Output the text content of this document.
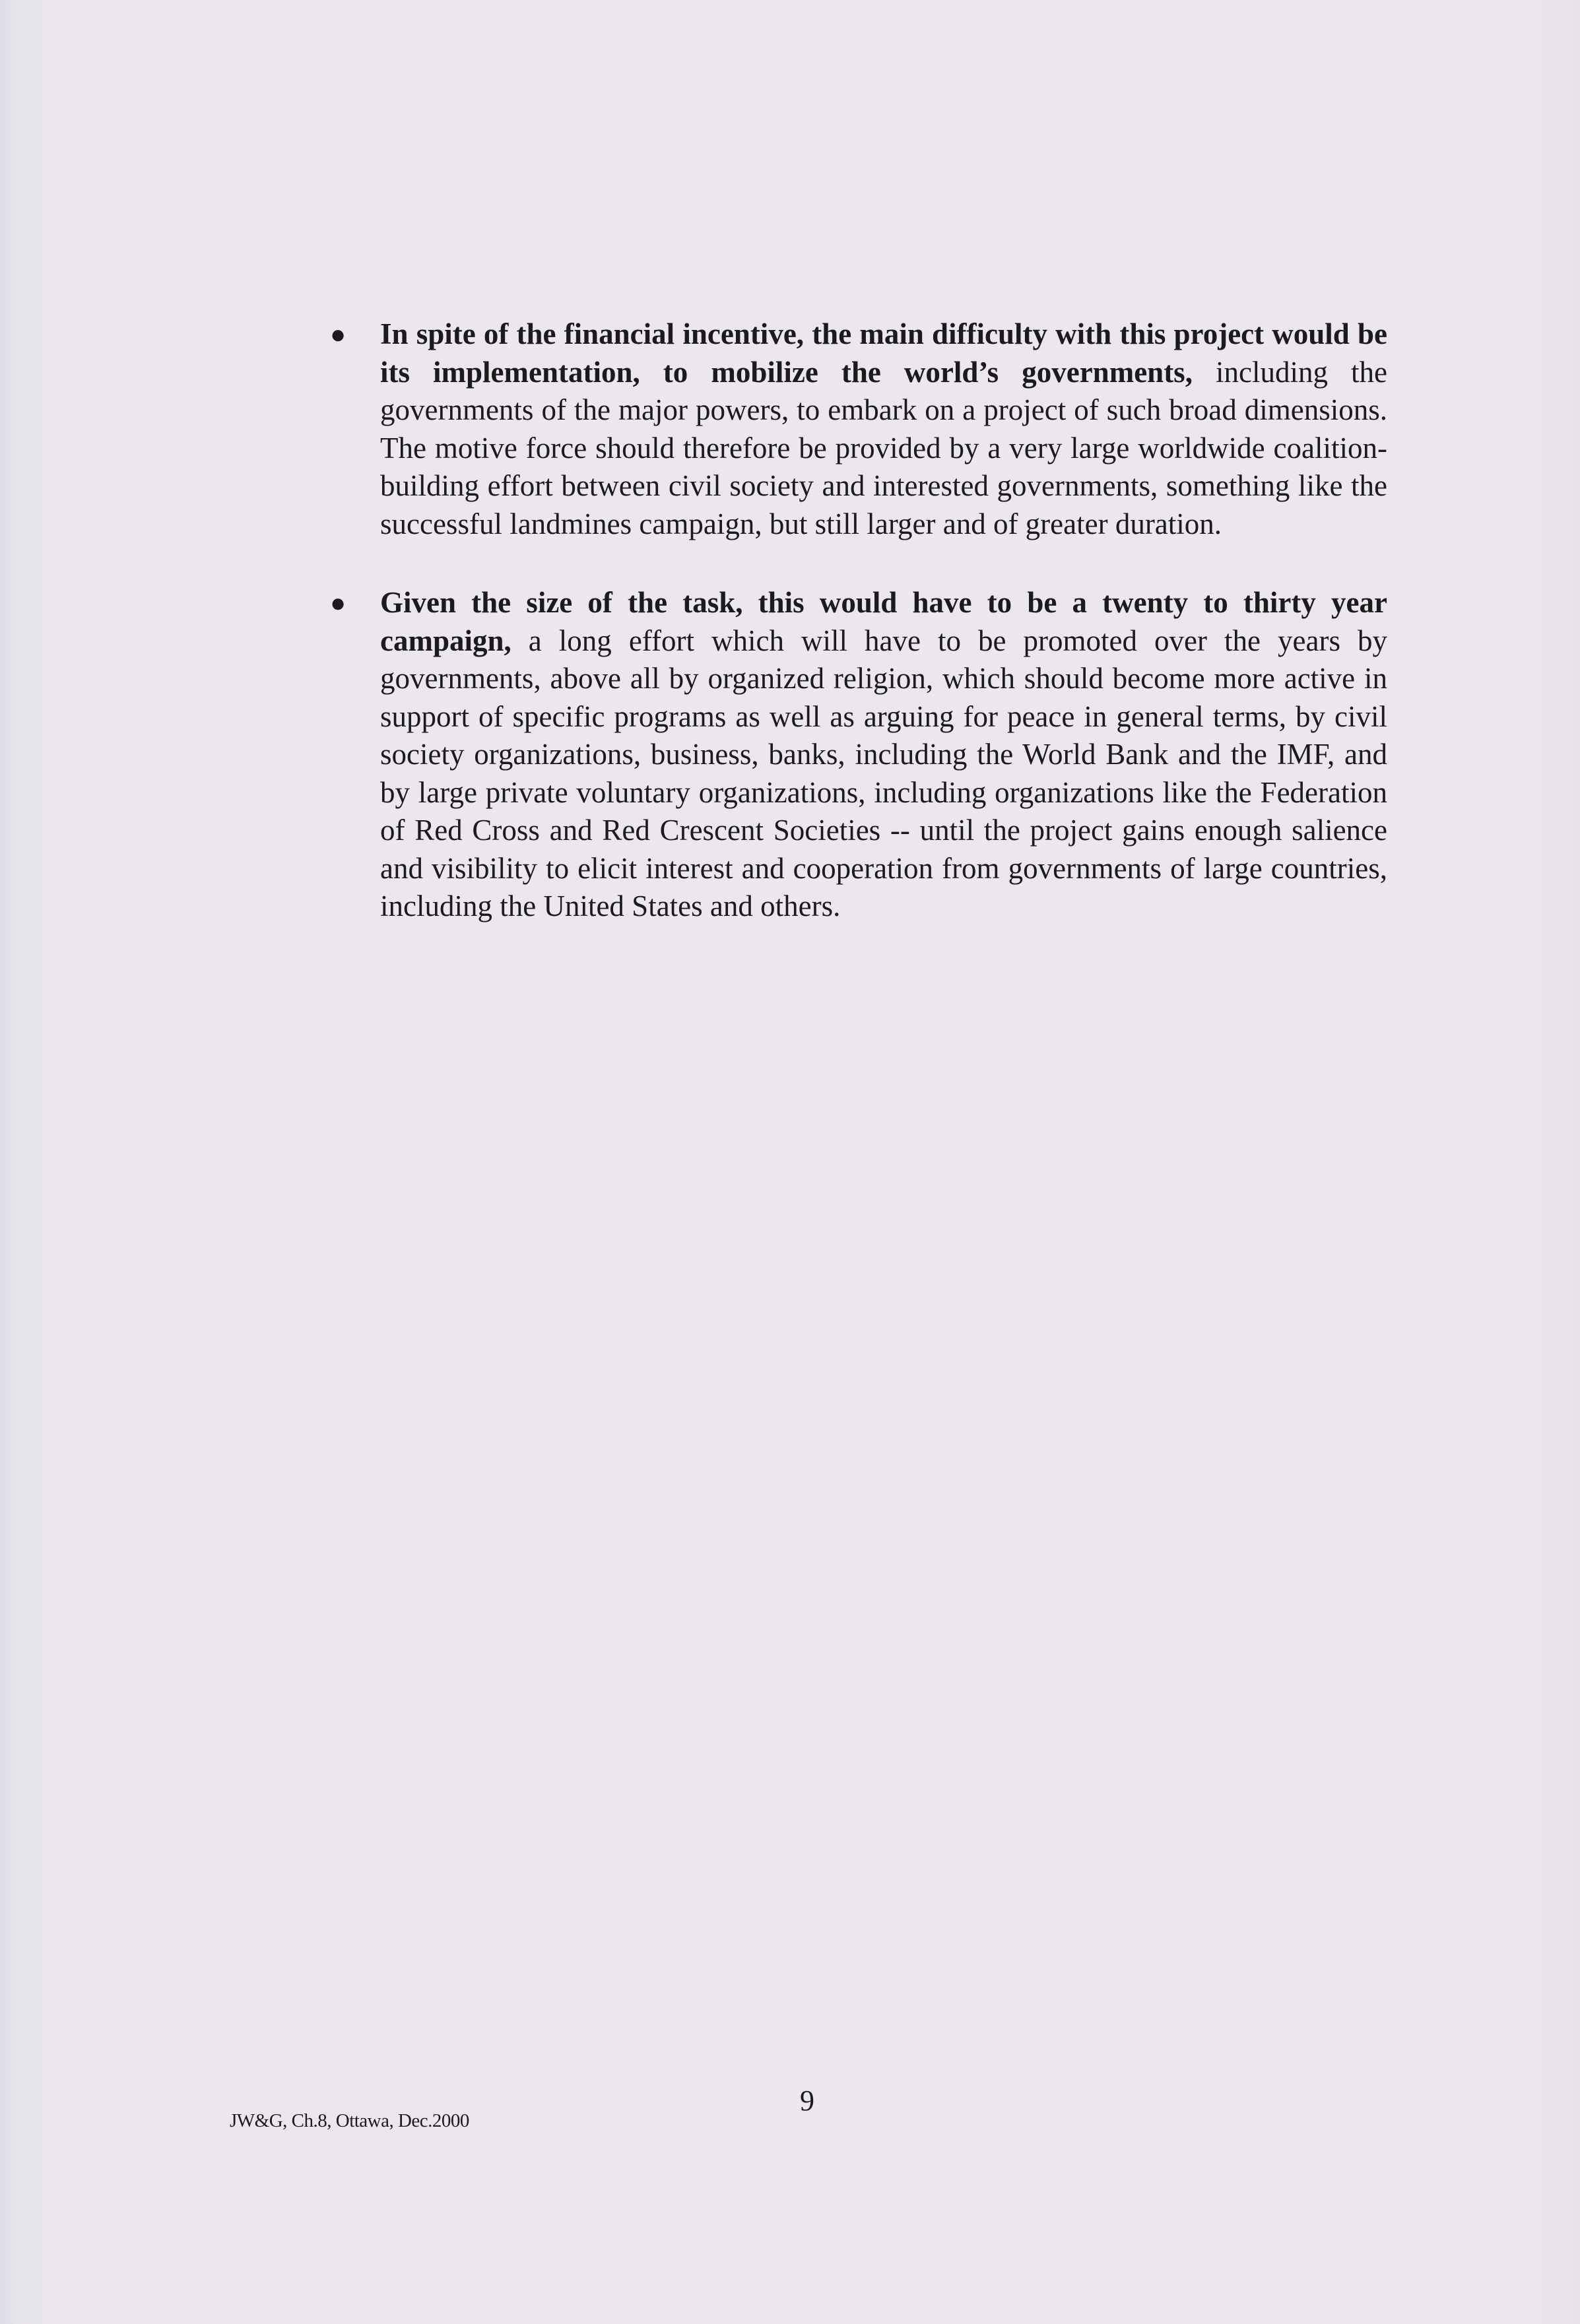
● In spite of the financial incentive, the main difficulty with this project would be its implementation, to mobilize the world’s governments, including the governments of the major powers, to embark on a project of such broad dimensions. The motive force should therefore be provided by a very large worldwide coalition-building effort between civil society and interested governments, something like the successful landmines campaign, but still larger and of greater duration.
● Given the size of the task, this would have to be a twenty to thirty year campaign, a long effort which will have to be promoted over the years by governments, above all by organized religion, which should become more active in support of specific programs as well as arguing for peace in general terms, by civil society organizations, business, banks, including the World Bank and the IMF, and by large private voluntary organizations, including organizations like the Federation of Red Cross and Red Crescent Societies -- until the project gains enough salience and visibility to elicit interest and cooperation from governments of large countries, including the United States and others.
9
JW&G, Ch.8, Ottawa, Dec.2000
